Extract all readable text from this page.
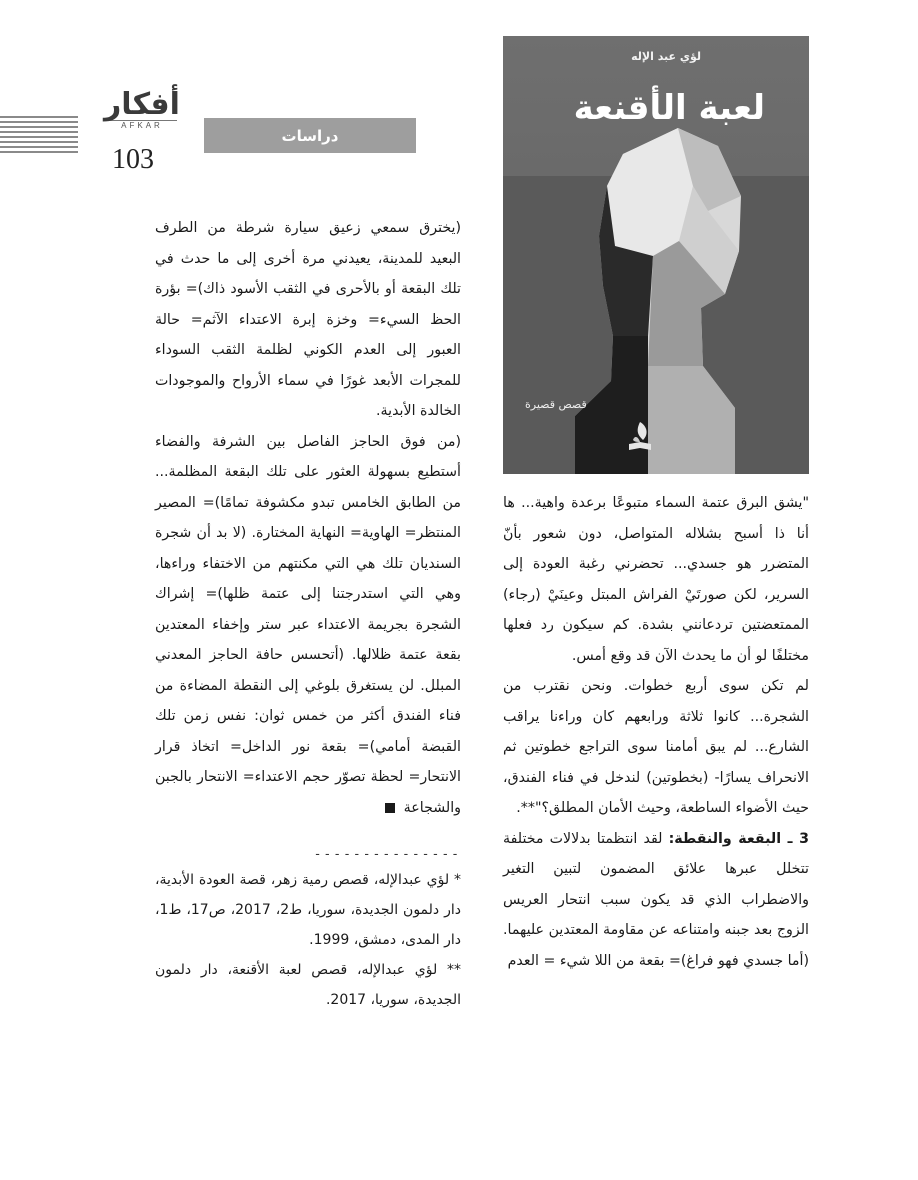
أفكار
AFKAR
103
دراسات
لؤي عبد الإله
لعبة الأقنعة
قصص قصيرة

(يخترق سمعي زعيق سيارة شرطة من الطرف البعيد للمدينة، يعيدني مرة أخرى إلى ما حدث في تلك البقعة أو بالأحرى في الثقب الأسود ذاك)= بؤرة الحظ السيء= وخزة إبرة الاعتداء الآثم= حالة العبور إلى العدم الكوني لظلمة الثقب السوداء للمجرات الأبعد غورًا في سماء الأرواح والموجودات الخالدة الأبدية.

(من فوق الحاجز الفاصل بين الشرفة والفضاء أستطيع بسهولة العثور على تلك البقعة المظلمة... من الطابق الخامس تبدو مكشوفة تمامًا)= المصير المنتظر= الهاوية= النهاية المختارة. (لا بد أن شجرة السنديان تلك هي التي مكنتهم من الاختفاء وراءها، وهي التي استدرجتنا إلى عتمة ظلها)= إشراك الشجرة بجريمة الاعتداء عبر ستر وإخفاء المعتدين بقعة عتمة ظلالها. (أتحسس حافة الحاجز المعدني المبلل. لن يستغرق بلوغي إلى النقطة المضاءة من فناء الفندق أكثر من خمس ثوان: نفس زمن تلك القبضة أمامي)= بقعة نور الداخل= اتخاذ قرار الانتحار= لحظة تصوّر حجم الاعتداء= الانتحار بالجبن والشجاعة

---------------

* لؤي عبدالإله، قصص رمية زهر، قصة العودة الأبدية، دار دلمون الجديدة، سوريا، ط2، 2017، ص17، ط1، دار المدى، دمشق، 1999.

** لؤي عبدالإله، قصص لعبة الأقنعة، دار دلمون الجديدة، سوريا، 2017.

"يشق البرق عتمة السماء متبوعًا برعدة واهية... ها أنا ذا أسبح بشلاله المتواصل، دون شعور بأنّ المتضرر هو جسدي... تحضرني رغبة العودة إلى السرير، لكن صورتَيْ الفراش المبتل وعينَيْ (رجاء) الممتعضتين تردعانني بشدة. كم سيكون رد فعلها مختلفًا لو أن ما يحدث الآن قد وقع أمس.

لم تكن سوى أربع خطوات. ونحن نقترب من الشجرة... كانوا ثلاثة ورابعهم كان وراءنا يراقب الشارع... لم يبق أمامنا سوى التراجع خطوتين ثم الانحراف يسارًا- (بخطوتين) لندخل في فناء الفندق، حيث الأضواء الساطعة، وحيث الأمان المطلق؟"**.

3 ـ البقعة والنقطة: لقد انتظمتا بدلالات مختلفة تتخلل عبرها علائق المضمون لتبين التغير والاضطراب الذي قد يكون سبب انتحار العريس الزوج بعد جبنه وامتناعه عن مقاومة المعتدين عليهما. (أما جسدي فهو فراغ)= بقعة من اللا شيء = العدم
